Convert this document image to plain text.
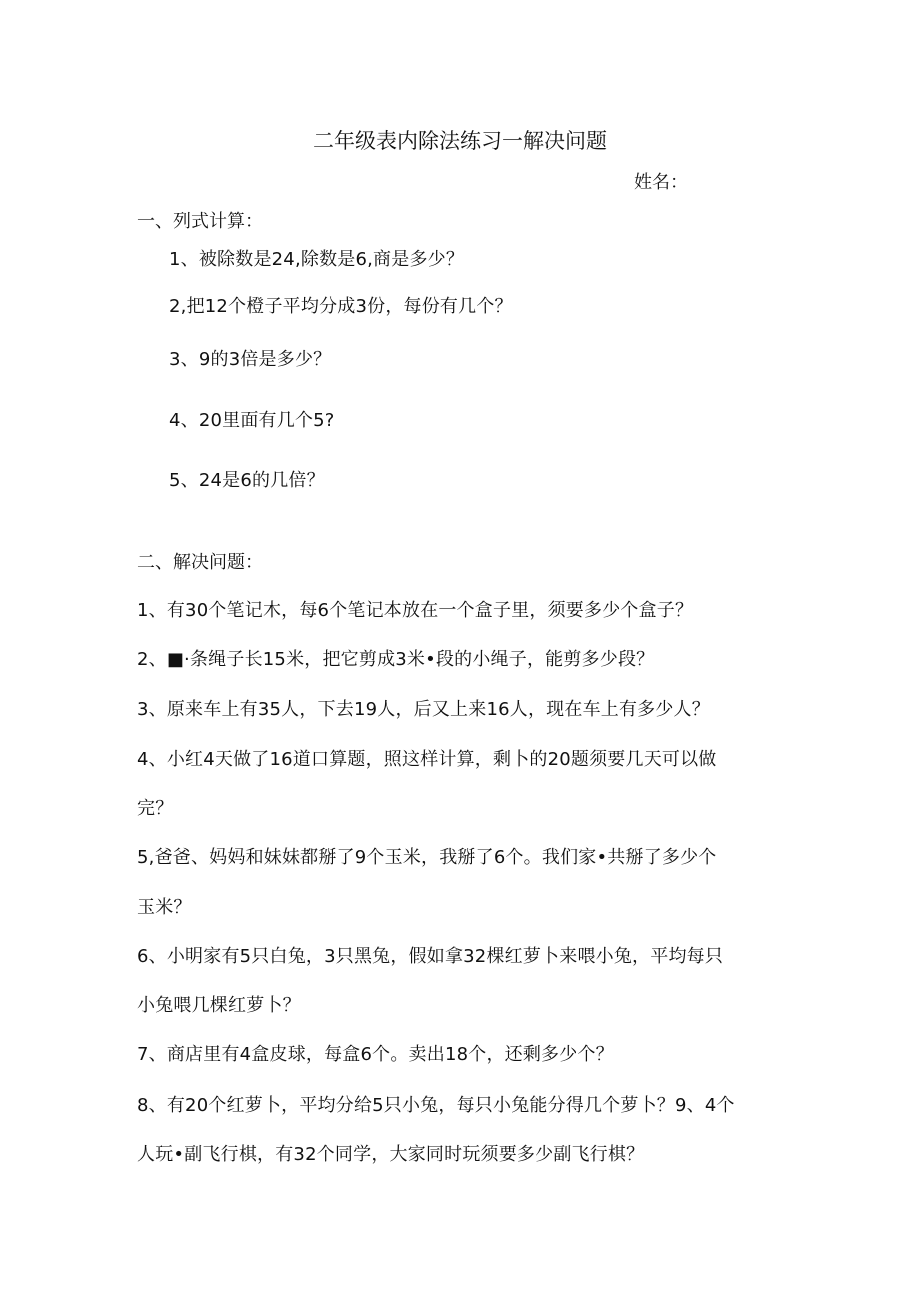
二年级表内除法练习一解决问题
姓名：
一、列式计算：
1、被除数是24,除数是6,商是多少？
2,把12个橙子平均分成3份，每份有几个？
3、9的3倍是多少？
4、20里面有几个5?
5、24是6的几倍？
二、解决问题：
1、有30个笔记木，每6个笔记本放在一个盒子里，须要多少个盒子？
2、■·条绳子长15米，把它剪成3米•段的小绳子，能剪多少段？
3、原来车上有35人，下去19人，后又上来16人，现在车上有多少人？
4、小红4天做了16道口算题，照这样计算，剩卜的20题须要几天可以做
完？
5,爸爸、妈妈和妹妹都掰了9个玉米，我掰了6个。我们家•共掰了多少个
玉米？
6、小明家有5只白兔，3只黑兔，假如拿32棵红萝卜来喂小兔，平均每只
小兔喂几棵红萝卜？
7、商店里有4盒皮球，每盒6个。卖出18个，还剩多少个？
8、有20个红萝卜，平均分给5只小兔，每只小兔能分得几个萝卜？9、4个
人玩•副飞行棋，有32个同学，大家同时玩须要多少副飞行棋？
